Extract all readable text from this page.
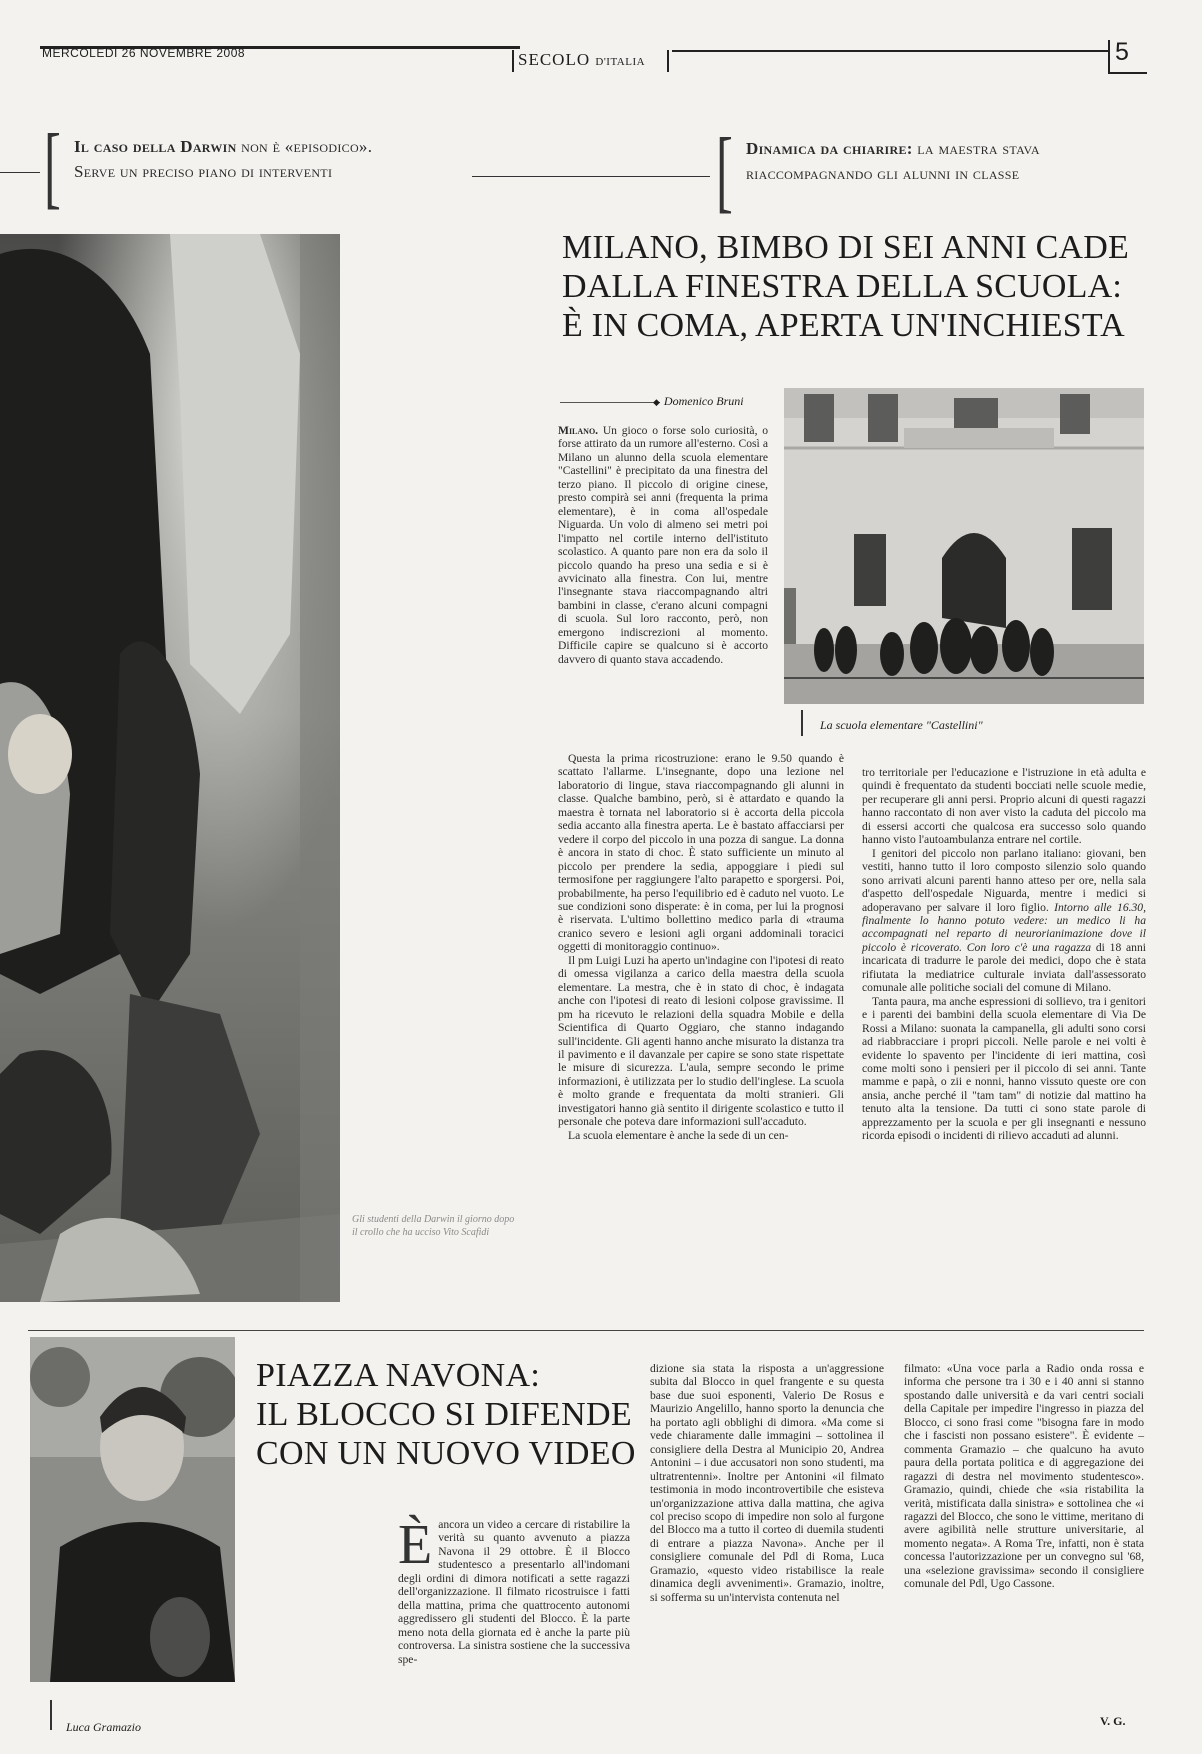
MERCOLEDÌ 26 NOVEMBRE 2008	SECOLO D'ITALIA	5
[ Il caso della Darwin non è «episodico».
Serve un preciso piano di interventi	[ Dinamica da chiarire: la maestra stava
riaccompagnando gli alunni in classe
Gli studenti della Darwin il giorno dopo il crollo che ha ucciso Vito Scafidi
MILANO, BIMBO DI SEI ANNI CADE
DALLA FINESTRA DELLA SCUOLA:
È IN COMA, APERTA UN'INCHIESTA
◆ Domenico Bruni
La scuola elementare "Castellini"

Milano. Un gioco o forse solo curiosità, o forse attirato da un rumore all'esterno. Così a Milano un alunno della scuola elementare "Castellini" è precipitato da una finestra del terzo piano. Il piccolo di origine cinese, presto compirà sei anni (frequenta la prima elementare), è in coma all'ospedale Niguarda. Un volo di almeno sei metri poi l'impatto nel cortile interno dell'istituto scolastico. A quanto pare non era da solo il piccolo quando ha preso una sedia e si è avvicinato alla finestra. Con lui, mentre l'insegnante stava riaccompagnando altri bambini in classe, c'erano alcuni compagni di scuola. Sul loro racconto, però, non emergono indiscrezioni al momento. Difficile capire se qualcuno si è accorto davvero di quanto stava accadendo.

Questa la prima ricostruzione: erano le 9.50 quando è scattato l'allarme. L'insegnante, dopo una lezione nel laboratorio di lingue, stava riaccompagnando gli alunni in classe. Qualche bambino, però, si è attardato e quando la maestra è tornata nel laboratorio si è accorta della piccola sedia accanto alla finestra aperta. Le è bastato affacciarsi per vedere il corpo del piccolo in una pozza di sangue. La donna è ancora in stato di choc. È stato sufficiente un minuto al piccolo per prendere la sedia, appoggiare i piedi sul termosifone per raggiungere l'alto parapetto e sporgersi. Poi, probabilmente, ha perso l'equilibrio ed è caduto nel vuoto. Le sue condizioni sono disperate: è in coma, per lui la prognosi è riservata. L'ultimo bollettino medico parla di «trauma cranico severo e lesioni agli organi addominali toracici oggetti di monitoraggio continuo».

Il pm Luigi Luzi ha aperto un'indagine con l'ipotesi di reato di omessa vigilanza a carico della maestra della scuola elementare. La mestra, che è in stato di choc, è indagata anche con l'ipotesi di reato di lesioni colpose gravissime. Il pm ha ricevuto le relazioni della squadra Mobile e della Scientifica di Quarto Oggiaro, che stanno indagando sull'incidente. Gli agenti hanno anche misurato la distanza tra il pavimento e il davanzale per capire se sono state rispettate le misure di sicurezza. L'aula, sempre secondo le prime informazioni, è utilizzata per lo studio dell'inglese. La scuola è molto grande e frequentata da molti stranieri. Gli investigatori hanno già sentito il dirigente scolastico e tutto il personale che poteva dare informazioni sull'accaduto.

La scuola elementare è anche la sede di un cen-

tro territoriale per l'educazione e l'istruzione in età adulta e quindi è frequentato da studenti bocciati nelle scuole medie, per recuperare gli anni persi. Proprio alcuni di questi ragazzi hanno raccontato di non aver visto la caduta del piccolo ma di essersi accorti che qualcosa era successo solo quando hanno visto l'autoambulanza entrare nel cortile.

I genitori del piccolo non parlano italiano: giovani, ben vestiti, hanno tutto il loro composto silenzio solo quando sono arrivati alcuni parenti hanno atteso per ore, nella sala d'aspetto dell'ospedale Niguarda, mentre i medici si adoperavano per salvare il loro figlio. Intorno alle 16.30, finalmente lo hanno potuto vedere: un medico li ha accompagnati nel reparto di neurorianimazione dove il piccolo è ricoverato. Con loro c'è una ragazza di 18 anni incaricata di tradurre le parole dei medici, dopo che è stata rifiutata la mediatrice culturale inviata dall'assessorato comunale alle politiche sociali del comune di Milano.

Tanta paura, ma anche espressioni di sollievo, tra i genitori e i parenti dei bambini della scuola elementare di Via De Rossi a Milano: suonata la campanella, gli adulti sono corsi ad riabbracciare i propri piccoli. Nelle parole e nei volti è evidente lo spavento per l'incidente di ieri mattina, così come molti sono i pensieri per il piccolo di sei anni. Tante mamme e papà, o zii e nonni, hanno vissuto queste ore con ansia, anche perché il "tam tam" di notizie dal mattino ha tenuto alta la tensione. Da tutti ci sono state parole di apprezzamento per la scuola e per gli insegnanti e nessuno ricorda episodi o incidenti di rilievo accaduti ad alunni.

Luca Gramazio
PIAZZA NAVONA:
IL BLOCCO SI DIFENDE
CON UN NUOVO VIDEO

Èancora un video a cercare di ristabilire la verità su quanto avvenuto a piazza Navona il 29 ottobre. È il Blocco studentesco a presentarlo all'indomani degli ordini di dimora notificati a sette ragazzi dell'organizzazione. Il filmato ricostruisce i fatti della mattina, prima che quattrocento autonomi aggredissero gli studenti del Blocco. È la parte meno nota della giornata ed è anche la parte più controversa. La sinistra sostiene che la successiva spe-

dizione sia stata la risposta a un'aggressione subita dal Blocco in quel frangente e su questa base due suoi esponenti, Valerio De Rosus e Maurizio Angelillo, hanno sporto la denuncia che ha portato agli obblighi di dimora. «Ma come si vede chiaramente dalle immagini – sottolinea il consigliere della Destra al Municipio 20, Andrea Antonini – i due accusatori non sono studenti, ma ultratrentenni». Inoltre per Antonini «il filmato testimonia in modo incontrovertibile che esisteva un'organizzazione attiva dalla mattina, che agiva col preciso scopo di impedire non solo al furgone del Blocco ma a tutto il corteo di duemila studenti di entrare a piazza Navona». Anche per il consigliere comunale del Pdl di Roma, Luca Gramazio, «questo video ristabilisce la reale dinamica degli avvenimenti». Gramazio, inoltre, si sofferma su un'intervista contenuta nel

filmato: «Una voce parla a Radio onda rossa e informa che persone tra i 30 e i 40 anni si stanno spostando dalle università e da vari centri sociali della Capitale per impedire l'ingresso in piazza del Blocco, ci sono frasi come "bisogna fare in modo che i fascisti non possano esistere". È evidente – commenta Gramazio – che qualcuno ha avuto paura della portata politica e di aggregazione dei ragazzi di destra nel movimento studentesco». Gramazio, quindi, chiede che «sia ristabilita la verità, mistificata dalla sinistra» e sottolinea che «i ragazzi del Blocco, che sono le vittime, meritano di avere agibilità nelle strutture universitarie, al momento negata». A Roma Tre, infatti, non è stata concessa l'autorizzazione per un convegno sul '68, una «selezione gravissima» secondo il consigliere comunale del Pdl, Ugo Cassone.

V. G.
